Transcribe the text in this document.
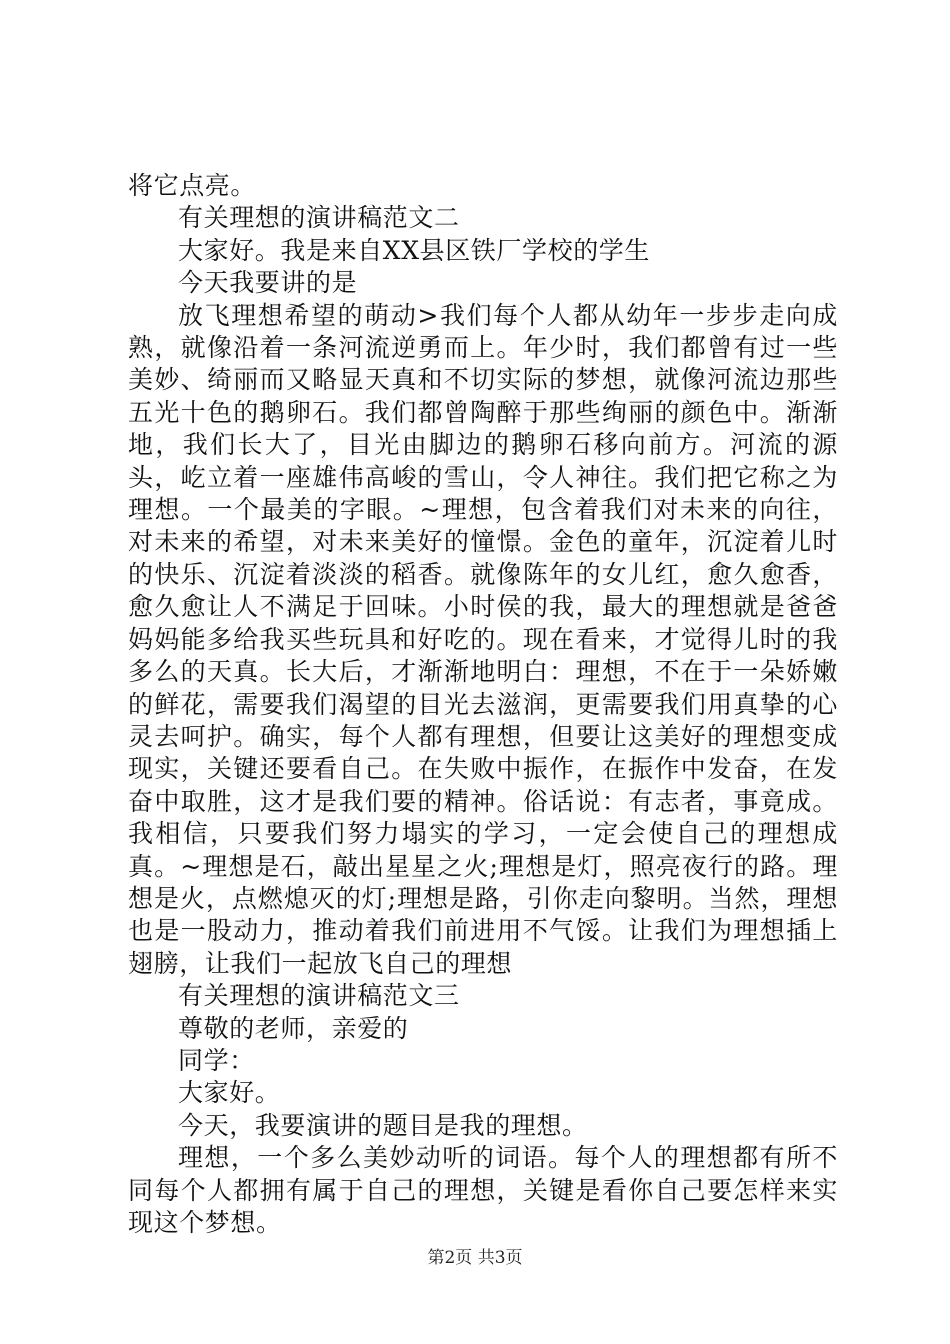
将它点亮。

有关理想的演讲稿范文二

大家好。我是来自XX县区铁厂学校的学生

今天我要讲的是

放飞理想希望的萌动>我们每个人都从幼年一步步走向成熟，就像沿着一条河流逆勇而上。年少时，我们都曾有过一些美妙、绮丽而又略显天真和不切实际的梦想，就像河流边那些五光十色的鹅卵石。我们都曾陶醉于那些绚丽的颜色中。渐渐地，我们长大了，目光由脚边的鹅卵石移向前方。河流的源头，屹立着一座雄伟高峻的雪山，令人神往。我们把它称之为理想。一个最美的字眼。~理想，包含着我们对未来的向往，对未来的希望，对未来美好的憧憬。金色的童年，沉淀着儿时的快乐、沉淀着淡淡的稻香。就像陈年的女儿红，愈久愈香，愈久愈让人不满足于回味。小时侯的我，最大的理想就是爸爸妈妈能多给我买些玩具和好吃的。现在看来，才觉得儿时的我多么的天真。长大后，才渐渐地明白：理想，不在于一朵娇嫩的鲜花，需要我们渴望的目光去滋润，更需要我们用真挚的心灵去呵护。确实，每个人都有理想，但要让这美好的理想变成现实，关键还要看自己。在失败中振作，在振作中发奋，在发奋中取胜，这才是我们要的精神。俗话说：有志者，事竟成。我相信，只要我们努力塌实的学习，一定会使自己的理想成真。~理想是石，敲出星星之火;理想是灯，照亮夜行的路。理想是火，点燃熄灭的灯;理想是路，引你走向黎明。当然，理想也是一股动力，推动着我们前进用不气馁。让我们为理想插上翅膀，让我们一起放飞自己的理想

有关理想的演讲稿范文三

尊敬的老师，亲爱的

同学：

大家好。

今天，我要演讲的题目是我的理想。

理想，一个多么美妙动听的词语。每个人的理想都有所不同每个人都拥有属于自己的理想，关键是看你自己要怎样来实现这个梦想。

第2页 共3页
